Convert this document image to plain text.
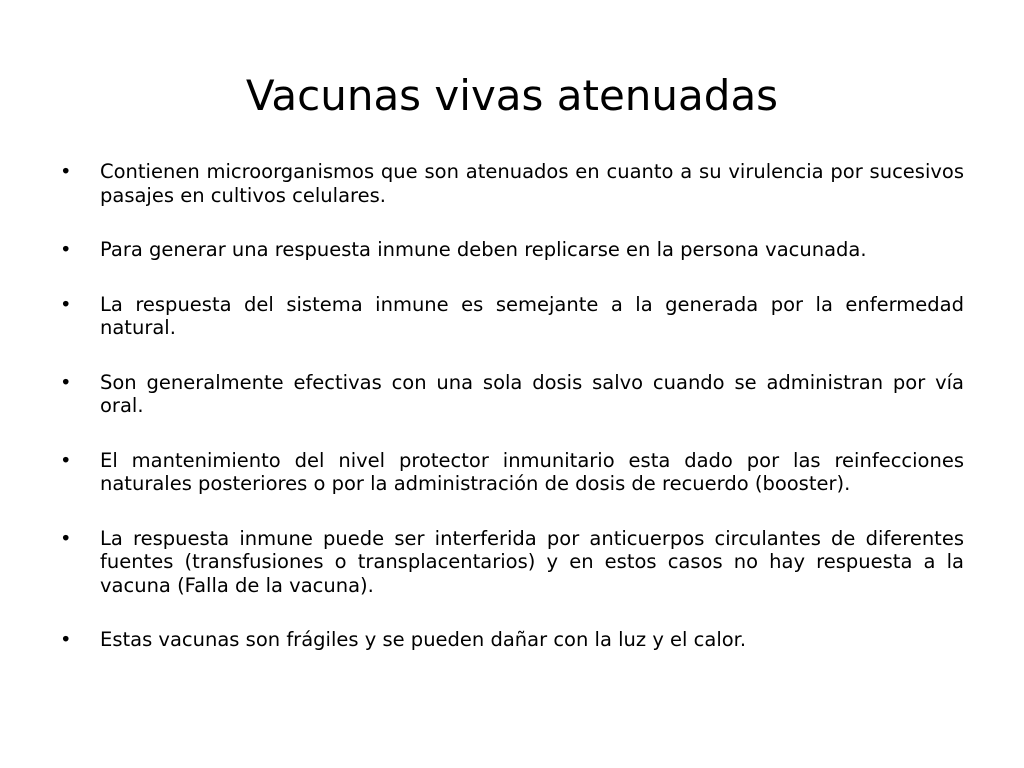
Vacunas vivas atenuadas
•	Contienen microorganismos que son atenuados en cuanto a su virulencia por sucesivos pasajes en cultivos celulares.
•	Para generar una respuesta inmune deben replicarse en la persona vacunada.
•	La respuesta del sistema inmune es semejante a la generada por la enfermedad natural.
•	Son generalmente efectivas con una sola dosis salvo cuando se administran por vía oral.
•	El mantenimiento del nivel protector inmunitario esta dado por las reinfecciones naturales posteriores o por la administración de dosis de recuerdo (booster).
•	La respuesta inmune puede ser interferida por anticuerpos circulantes de diferentes fuentes (transfusiones o transplacentarios) y en estos casos no hay respuesta a la vacuna (Falla de la vacuna).
•	Estas vacunas son frágiles y se pueden dañar con la luz y el calor.
